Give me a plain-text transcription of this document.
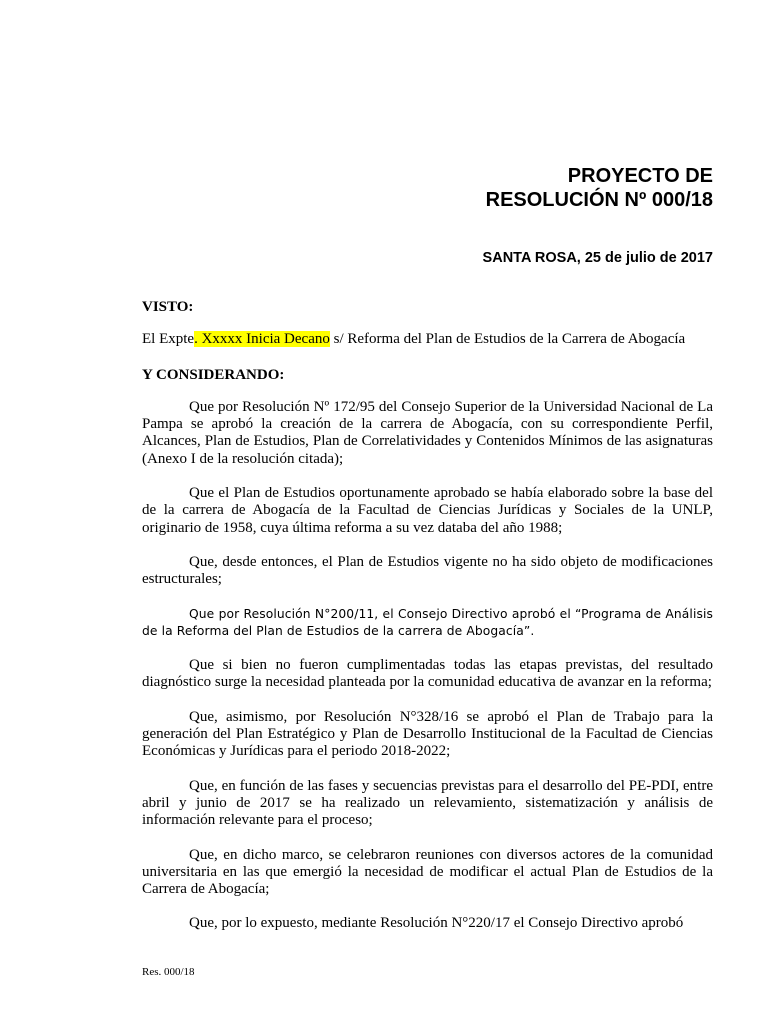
PROYECTO DE
RESOLUCIÓN Nº 000/18
SANTA ROSA, 25 de julio de 2017

VISTO:

El Expte. Xxxxx Inicia Decano s/ Reforma del Plan de Estudios de la Carrera de Abogacía

Y CONSIDERANDO:

Que por Resolución Nº 172/95 del Consejo Superior de la Universidad Nacional de La Pampa se aprobó la creación de la carrera de Abogacía, con su correspondiente Perfil, Alcances, Plan de Estudios, Plan de Correlatividades y Contenidos Mínimos de las asignaturas (Anexo I de la resolución citada);

Que el Plan de Estudios oportunamente aprobado se había elaborado sobre la base del de la carrera de Abogacía de la Facultad de Ciencias Jurídicas y Sociales de la UNLP, originario de 1958, cuya última reforma a su vez databa del año 1988;

Que, desde entonces, el Plan de Estudios vigente no ha sido objeto de modificaciones estructurales;

Que por Resolución N°200/11, el Consejo Directivo aprobó el “Programa de Análisis de la Reforma del Plan de Estudios de la carrera de Abogacía”.

Que si bien no fueron cumplimentadas todas las etapas previstas, del resultado diagnóstico surge la necesidad planteada por la comunidad educativa de avanzar en la reforma;

Que, asimismo, por Resolución N°328/16 se aprobó el Plan de Trabajo para la generación del Plan Estratégico y Plan de Desarrollo Institucional de la Facultad de Ciencias Económicas y Jurídicas para el periodo 2018-2022;

Que, en función de las fases y secuencias previstas para el desarrollo del PE-PDI, entre abril y junio de 2017 se ha realizado un relevamiento, sistematización y análisis de información relevante para el proceso;

Que, en dicho marco, se celebraron reuniones con diversos actores de la comunidad universitaria en las que emergió la necesidad de modificar el actual Plan de Estudios de la Carrera de Abogacía;

Que, por lo expuesto, mediante Resolución N°220/17 el Consejo Directivo aprobó

Res. 000/18
